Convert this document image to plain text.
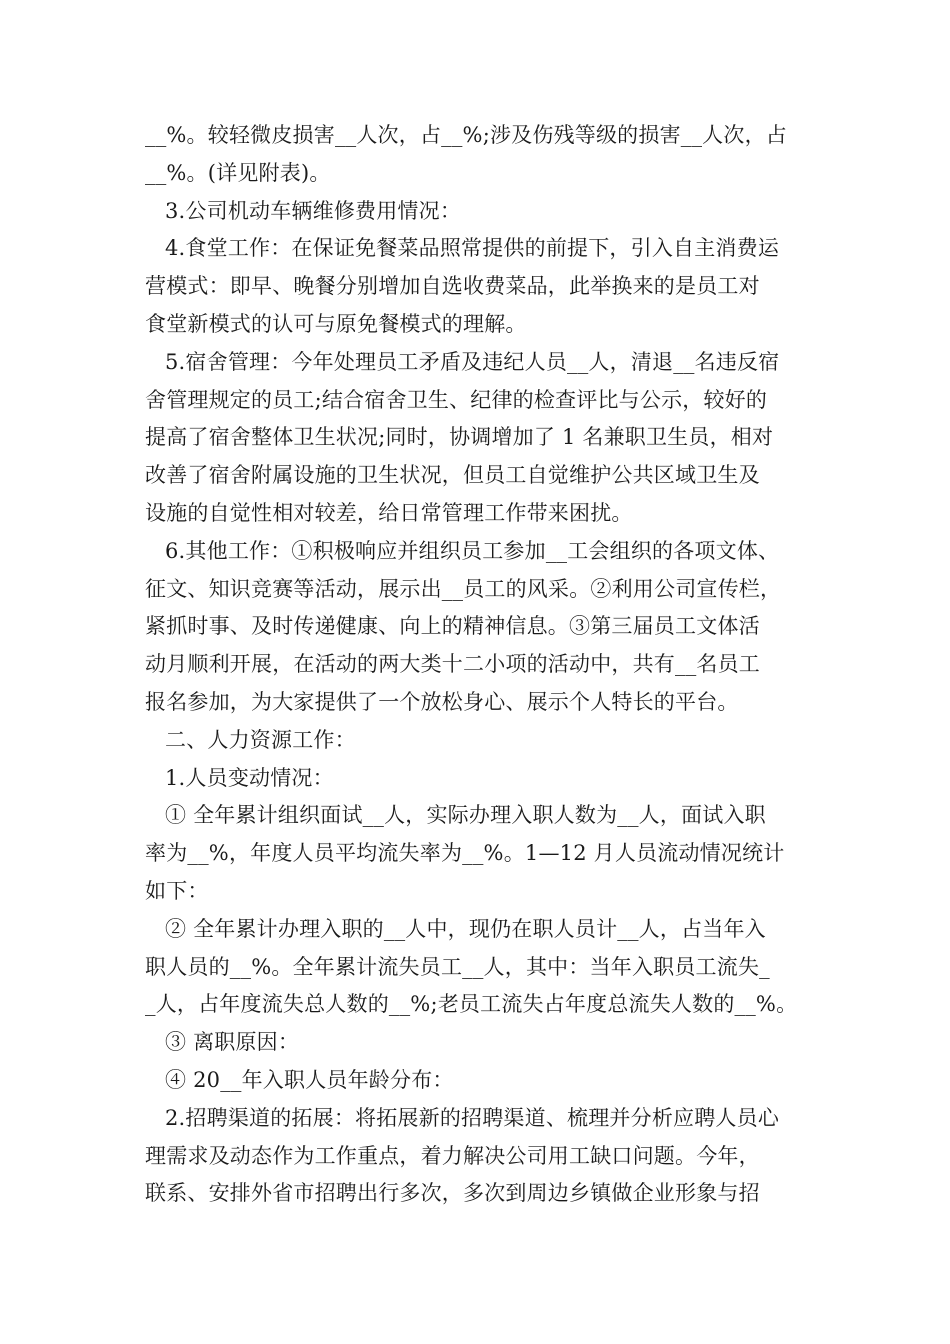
__%。较轻微皮损害__人次，占__%;涉及伤残等级的损害__人次，占
__%。(详见附表)。
3.公司机动车辆维修费用情况：
4.食堂工作：在保证免餐菜品照常提供的前提下，引入自主消费运
营模式：即早、晚餐分别增加自选收费菜品，此举换来的是员工对
食堂新模式的认可与原免餐模式的理解。
5.宿舍管理：今年处理员工矛盾及违纪人员__人，清退__名违反宿
舍管理规定的员工;结合宿舍卫生、纪律的检查评比与公示，较好的
提高了宿舍整体卫生状况;同时，协调增加了 1 名兼职卫生员，相对
改善了宿舍附属设施的卫生状况，但员工自觉维护公共区域卫生及
设施的自觉性相对较差，给日常管理工作带来困扰。
6.其他工作：①积极响应并组织员工参加__工会组织的各项文体、
征文、知识竞赛等活动，展示出__员工的风采。②利用公司宣传栏，
紧抓时事、及时传递健康、向上的精神信息。③第三届员工文体活
动月顺利开展，在活动的两大类十二小项的活动中，共有__名员工
报名参加，为大家提供了一个放松身心、展示个人特长的平台。
二、人力资源工作：
1.人员变动情况：
① 全年累计组织面试__人，实际办理入职人数为__人，面试入职
率为__%，年度人员平均流失率为__%。1—12 月人员流动情况统计
如下：
② 全年累计办理入职的__人中，现仍在职人员计__人，占当年入
职人员的__%。全年累计流失员工__人，其中：当年入职员工流失_
_人，占年度流失总人数的__%;老员工流失占年度总流失人数的__%。
③ 离职原因：
④ 20__年入职人员年龄分布：
2.招聘渠道的拓展：将拓展新的招聘渠道、梳理并分析应聘人员心
理需求及动态作为工作重点，着力解决公司用工缺口问题。今年，
联系、安排外省市招聘出行多次，多次到周边乡镇做企业形象与招
